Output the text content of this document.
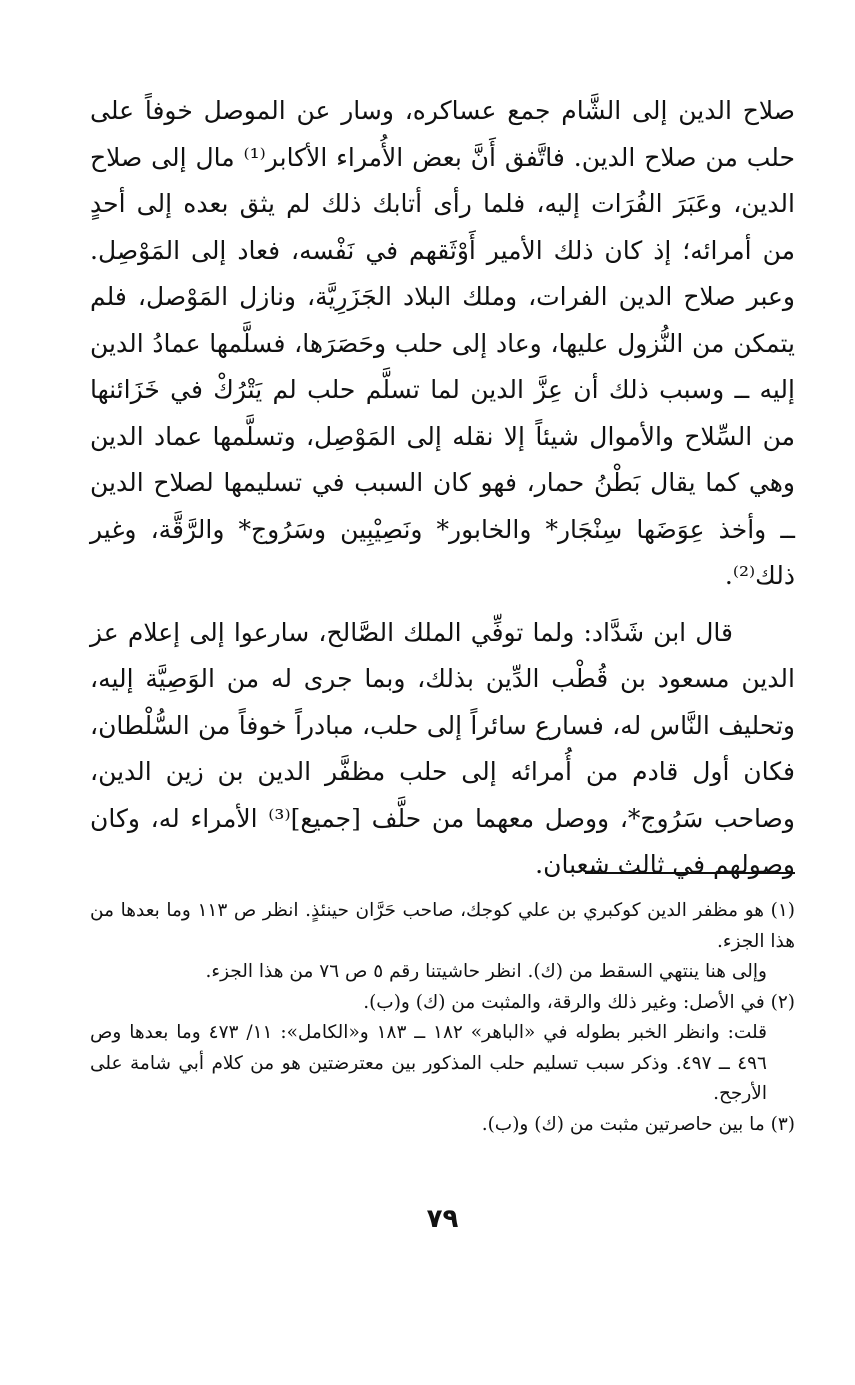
صلاح الدين إلى الشَّام جمع عساكره، وسار عن الموصل خوفاً على حلب من صلاح الدين. فاتَّفق أَنَّ بعض الأُمراء الأكابر⁽¹⁾ مال إلى صلاح الدين، وعَبَرَ الفُرَات إليه، فلما رأى أتابك ذلك لم يثق بعده إلى أحدٍ من أمرائه؛ إذ كان ذلك الأمير أَوْثَقهم في نَفْسه، فعاد إلى المَوْصِل. وعبر صلاح الدين الفرات، وملك البلاد الجَزَرِيَّة، ونازل المَوْصل، فلم يتمكن من النُّزول عليها، وعاد إلى حلب وحَصَرَها، فسلَّمها عمادُ الدين إليه ــ وسبب ذلك أن عِزَّ الدين لما تسلَّم حلب لم يَتْرُكْ في خَزَائنها من السِّلاح والأموال شيئاً إلا نقله إلى المَوْصِل، وتسلَّمها عماد الدين وهي كما يقال بَطْنُ حمار، فهو كان السبب في تسليمها لصلاح الدين ــ وأخذ عِوَضَها سِنْجَار* والخابور* ونَصِيْبِين وسَرُوج* والرَّقَّة، وغير ذلك⁽²⁾.

قال ابن شَدَّاد: ولما توفِّي الملك الصَّالح، سارعوا إلى إعلام عز الدين مسعود بن قُطْب الدِّين بذلك، وبما جرى له من الوَصِيَّة إليه، وتحليف النَّاس له، فسارع سائراً إلى حلب، مبادراً خوفاً من السُّلْطان، فكان أول قادم من أُمرائه إلى حلب مظفَّر الدين بن زين الدين، وصاحب سَرُوج*، ووصل معهما من حلَّف [جميع]⁽³⁾ الأمراء له، وكان وصولهم في ثالث شعبان.

(١) هو مظفر الدين كوكبري بن علي كوجك، صاحب حَرَّان حينئذٍ. انظر ص ١١٣ وما بعدها من هذا الجزء.

وإلى هنا ينتهي السقط من (ك). انظر حاشيتنا رقم ٥ ص ٧٦ من هذا الجزء.

(٢) في الأصل: وغير ذلك والرقة، والمثبت من (ك) و(ب).

قلت: وانظر الخبر بطوله في «الباهر» ١٨٢ ــ ١٨٣ و«الكامل»: ١١/ ٤٧٣ وما بعدها وص ٤٩٦ ــ ٤٩٧. وذكر سبب تسليم حلب المذكور بين معترضتين هو من كلام أبي شامة على الأرجح.

(٣) ما بين حاصرتين مثبت من (ك) و(ب).

٧٩
